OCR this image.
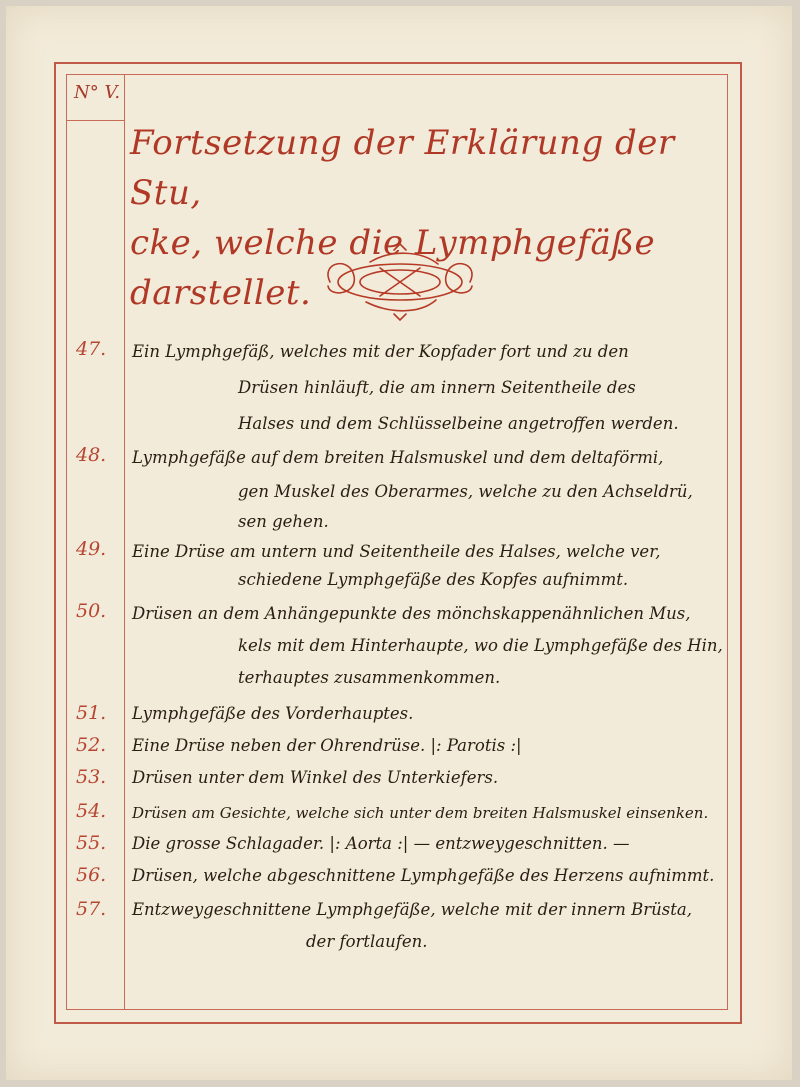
N° V.
Fortsetzung der Erklärung der Stu,
cke, welche die Lymphgefäße darstellet.
47.	Ein Lymphgefäß, welches mit der Kopfader fort und zu den
Drüsen hinläuft, die am innern Seitentheile des
Halses und dem Schlüsselbeine angetroffen werden.
48.	Lymphgefäße auf dem breiten Halsmuskel und dem deltaförmi,
gen Muskel des Oberarmes, welche zu den Achseldrü,
sen gehen.
49.	Eine Drüse am untern und Seitentheile des Halses, welche ver,
schiedene Lymphgefäße des Kopfes aufnimmt.
50.	Drüsen an dem Anhängepunkte des mönchskappenähnlichen Mus,
kels mit dem Hinterhaupte, wo die Lymphgefäße des Hin,
terhauptes zusammenkommen.
51.	Lymphgefäße des Vorderhauptes.
52.	Eine Drüse neben der Ohrendrüse. |: Parotis :|
53.	Drüsen unter dem Winkel des Unterkiefers.
54.	Drüsen am Gesichte, welche sich unter dem breiten Halsmuskel einsenken.
55.	Die grosse Schlagader. |: Aorta :| — entzweygeschnitten. —
56.	Drüsen, welche abgeschnittene Lymphgefäße des Herzens aufnimmt.
57.	Entzweygeschnittene Lymphgefäße, welche mit der innern Brüsta,
der fortlaufen.
